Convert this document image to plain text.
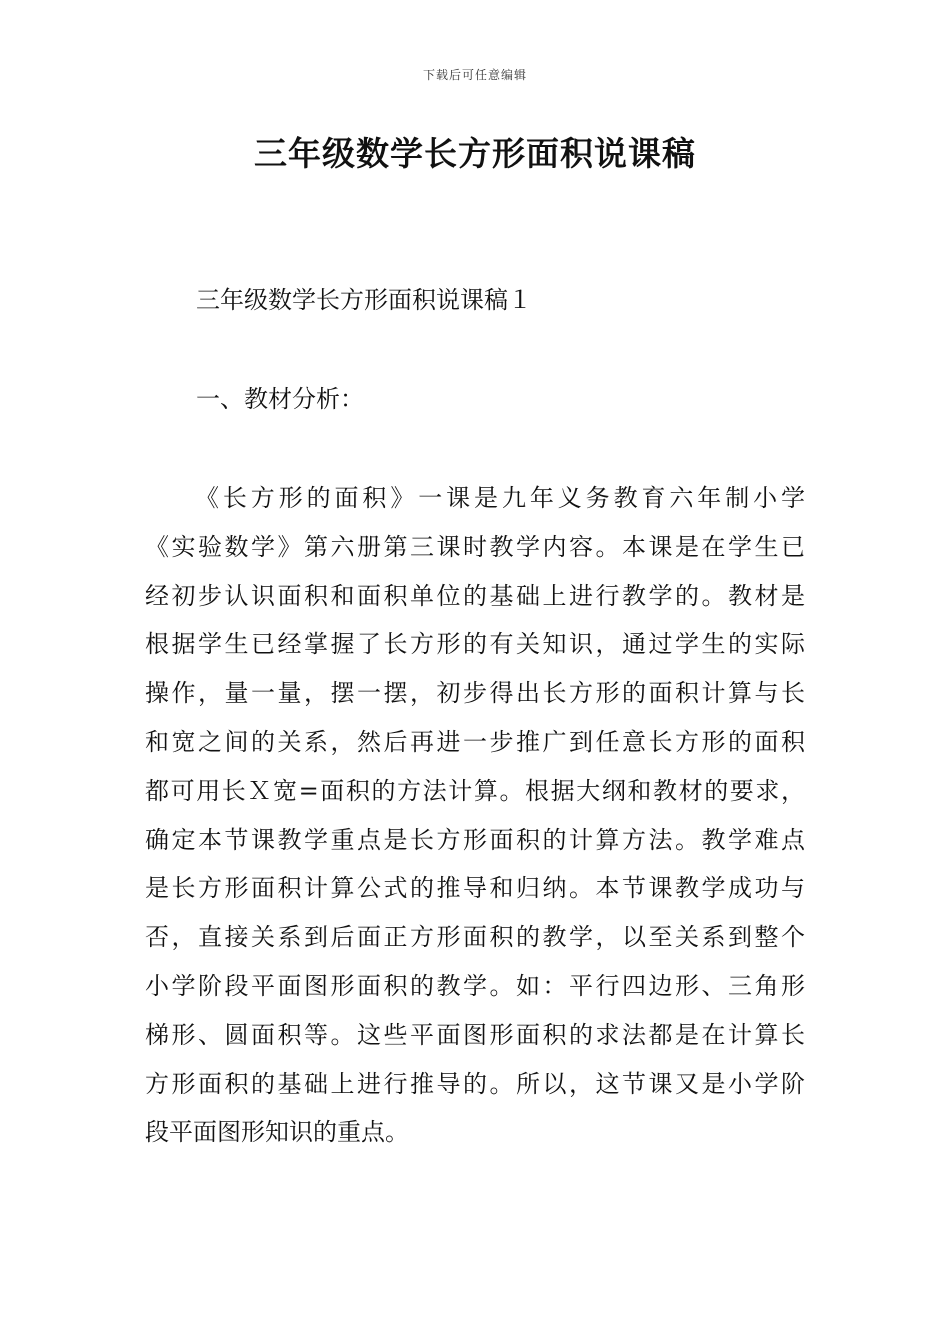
下载后可任意编辑
三年级数学长方形面积说课稿
三年级数学长方形面积说课稿１
一、教材分析：
《长方形的面积》一课是九年义务教育六年制小学
《实验数学》第六册第三课时教学内容。本课是在学生已
经初步认识面积和面积单位的基础上进行教学的。教材是
根据学生已经掌握了长方形的有关知识，通过学生的实际
操作，量一量，摆一摆，初步得出长方形的面积计算与长
和宽之间的关系，然后再进一步推广到任意长方形的面积
都可用长Ｘ宽=面积的方法计算。根据大纲和教材的要求，
确定本节课教学重点是长方形面积的计算方法。教学难点
是长方形面积计算公式的推导和归纳。本节课教学成功与
否，直接关系到后面正方形面积的教学，以至关系到整个
小学阶段平面图形面积的教学。如：平行四边形、三角形
梯形、圆面积等。这些平面图形面积的求法都是在计算长
方形面积的基础上进行推导的。所以，这节课又是小学阶
段平面图形知识的重点。
